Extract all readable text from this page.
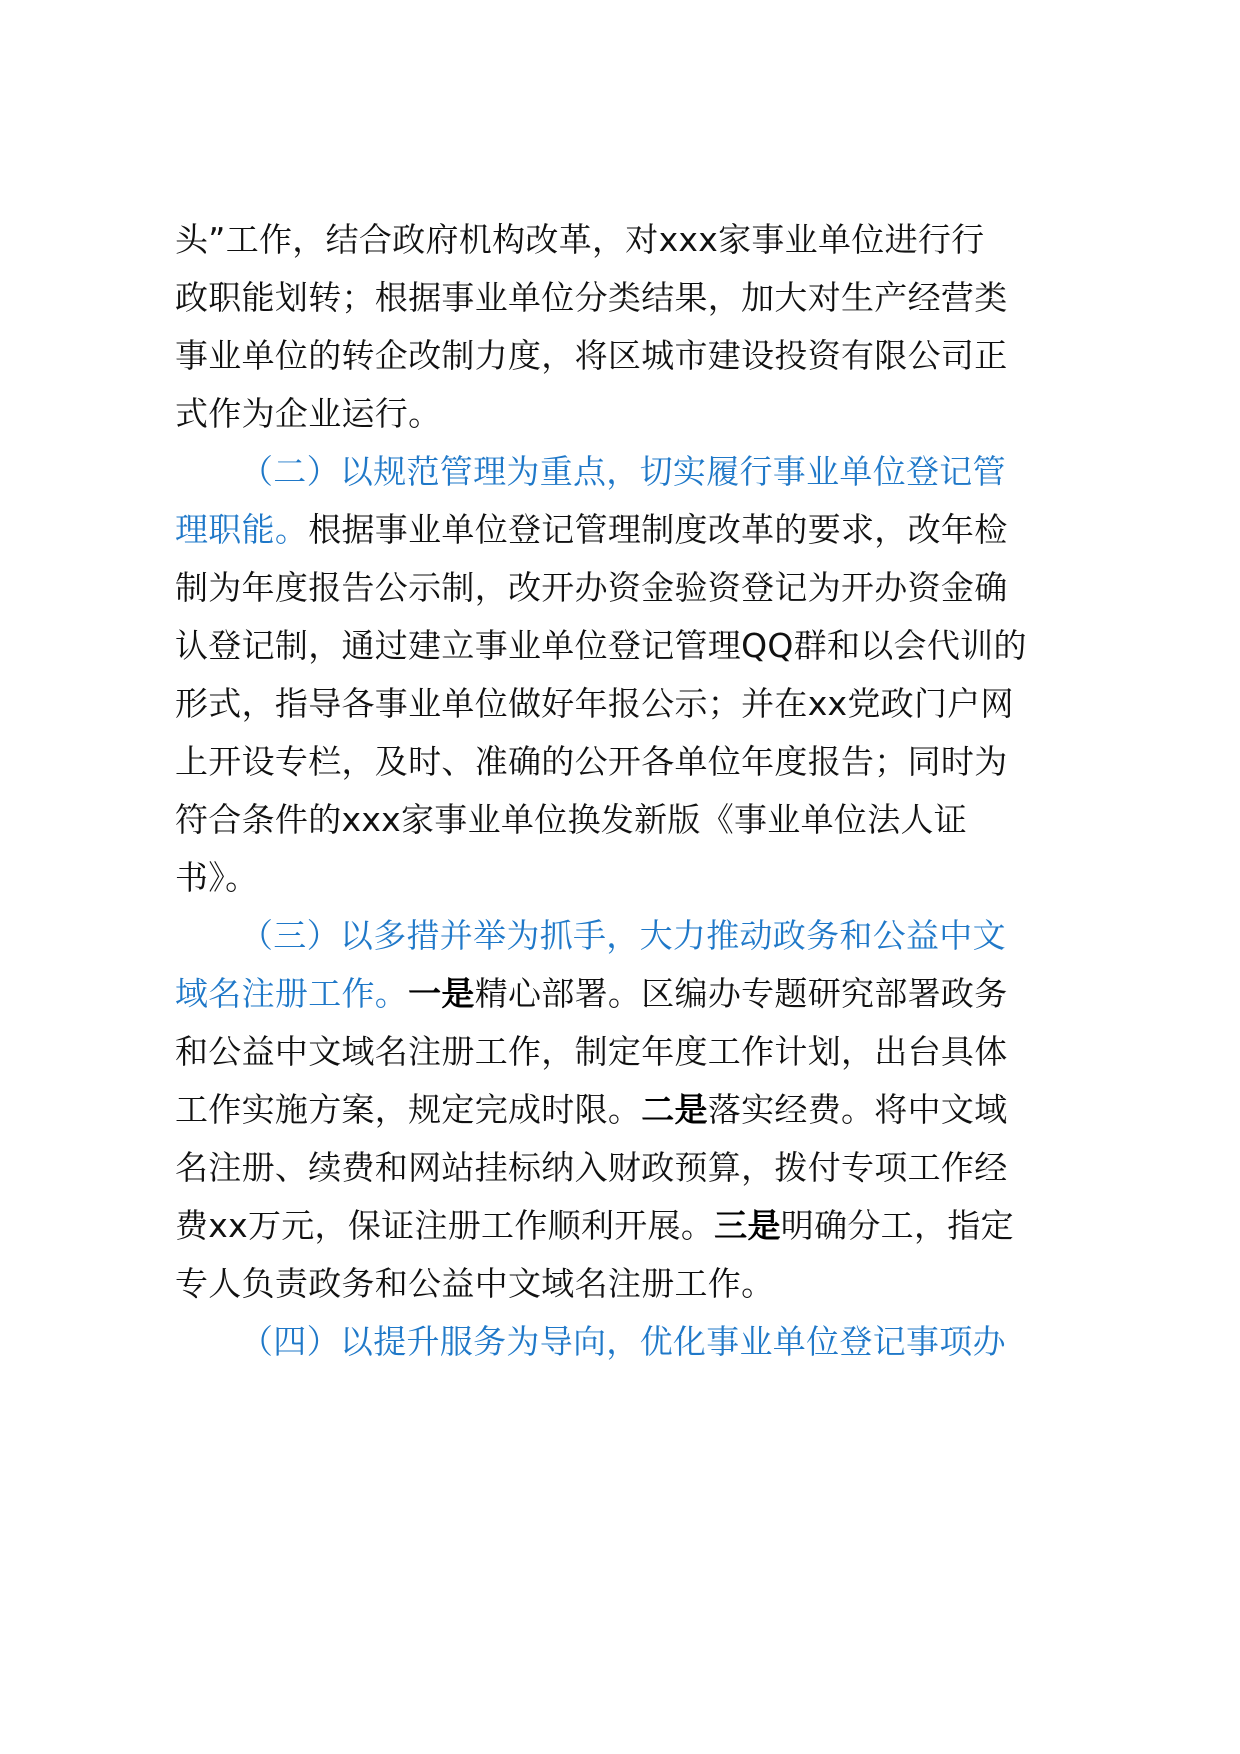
头”工作，结合政府机构改革，对xxx家事业单位进行行

政职能划转；根据事业单位分类结果，加大对生产经营类

事业单位的转企改制力度，将区城市建设投资有限公司正

式作为企业运行。

（二）以规范管理为重点，切实履行事业单位登记管

理职能。根据事业单位登记管理制度改革的要求，改年检

制为年度报告公示制，改开办资金验资登记为开办资金确

认登记制，通过建立事业单位登记管理QQ群和以会代训的

形式，指导各事业单位做好年报公示；并在xx党政门户网

上开设专栏，及时、准确的公开各单位年度报告；同时为

符合条件的xxx家事业单位换发新版《事业单位法人证

书》。

（三）以多措并举为抓手，大力推动政务和公益中文

域名注册工作。一是精心部署。区编办专题研究部署政务

和公益中文域名注册工作，制定年度工作计划，出台具体

工作实施方案，规定完成时限。二是落实经费。将中文域

名注册、续费和网站挂标纳入财政预算，拨付专项工作经

费xx万元，保证注册工作顺利开展。三是明确分工，指定

专人负责政务和公益中文域名注册工作。

（四）以提升服务为导向，优化事业单位登记事项办
